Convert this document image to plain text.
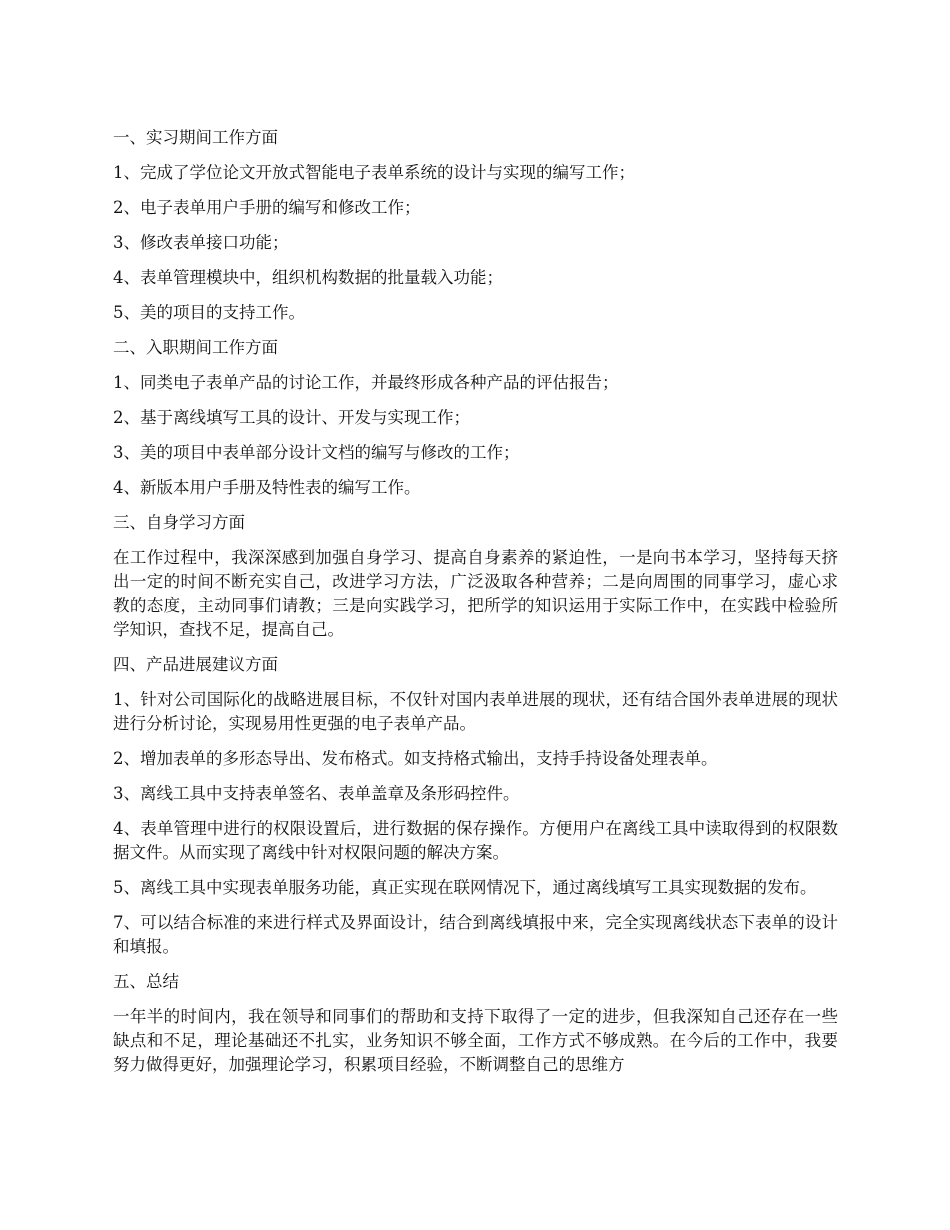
一、实习期间工作方面

1、完成了学位论文开放式智能电子表单系统的设计与实现的编写工作；

2、电子表单用户手册的编写和修改工作；

3、修改表单接口功能；

4、表单管理模块中，组织机构数据的批量载入功能；

5、美的项目的支持工作。

二、入职期间工作方面

1、同类电子表单产品的讨论工作，并最终形成各种产品的评估报告；

2、基于离线填写工具的设计、开发与实现工作；

3、美的项目中表单部分设计文档的编写与修改的工作；

4、新版本用户手册及特性表的编写工作。

三、自身学习方面

在工作过程中，我深深感到加强自身学习、提高自身素养的紧迫性，一是向书本学习，坚持每天挤出一定的时间不断充实自己，改进学习方法，广泛汲取各种营养；二是向周围的同事学习，虚心求教的态度，主动同事们请教；三是向实践学习，把所学的知识运用于实际工作中，在实践中检验所学知识，查找不足，提高自己。

四、产品进展建议方面

1、针对公司国际化的战略进展目标，不仅针对国内表单进展的现状，还有结合国外表单进展的现状进行分析讨论，实现易用性更强的电子表单产品。

2、增加表单的多形态导出、发布格式。如支持格式输出，支持手持设备处理表单。

3、离线工具中支持表单签名、表单盖章及条形码控件。

4、表单管理中进行的权限设置后，进行数据的保存操作。方便用户在离线工具中读取得到的权限数据文件。从而实现了离线中针对权限问题的解决方案。

5、离线工具中实现表单服务功能，真正实现在联网情况下，通过离线填写工具实现数据的发布。

7、可以结合标准的来进行样式及界面设计，结合到离线填报中来，完全实现离线状态下表单的设计和填报。

五、总结

一年半的时间内，我在领导和同事们的帮助和支持下取得了一定的进步，但我深知自己还存在一些缺点和不足，理论基础还不扎实，业务知识不够全面，工作方式不够成熟。在今后的工作中，我要努力做得更好，加强理论学习，积累项目经验，不断调整自己的思维方
